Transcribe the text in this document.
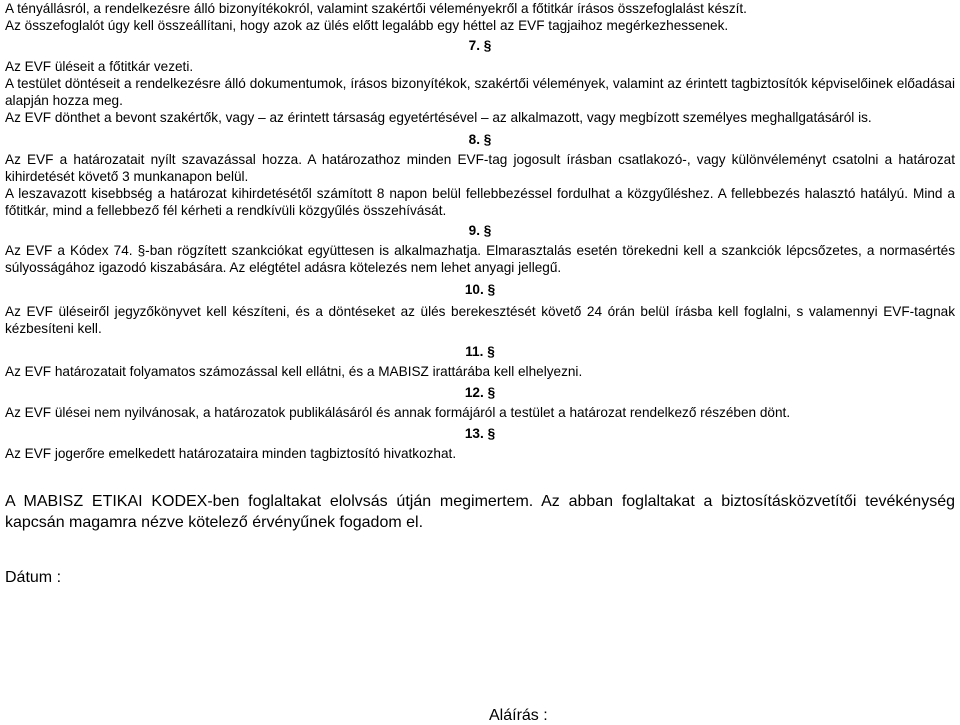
A tényállásról, a rendelkezésre álló bizonyítékokról, valamint szakértői véleményekről a főtitkár írásos összefoglalást készít.

Az összefoglalót úgy kell összeállítani, hogy azok az ülés előtt legalább egy héttel az EVF tagjaihoz megérkezhessenek.

7. §

Az EVF üléseit a főtitkár vezeti.

A testület döntéseit a rendelkezésre álló dokumentumok, írásos bizonyítékok, szakértői vélemények, valamint az érintett tagbiztosítók képviselőinek előadásai alapján hozza meg.

Az EVF dönthet a bevont szakértők, vagy – az érintett társaság egyetértésével – az alkalmazott, vagy megbízott személyes meghallgatásáról is.

8. §

Az EVF a határozatait nyílt szavazással hozza. A határozathoz minden EVF-tag jogosult írásban csatlakozó-, vagy különvéleményt csatolni a határozat kihirdetését követő 3 munkanapon belül.

A leszavazott kisebbség a határozat kihirdetésétől számított 8 napon belül fellebbezéssel fordulhat a közgyűléshez. A fellebbezés halasztó hatályú. Mind a főtitkár, mind a fellebbező fél kérheti a rendkívüli közgyűlés összehívását.

9. §

Az EVF a Kódex 74. §-ban rögzített szankciókat együttesen is alkalmazhatja. Elmarasztalás esetén törekedni kell a szankciók lépcsőzetes, a normasértés súlyosságához igazodó kiszabására. Az elégtétel adásra kötelezés nem lehet anyagi jellegű.

10. §

Az EVF üléseiről jegyzőkönyvet kell készíteni, és a döntéseket az ülés berekesztését követő 24 órán belül írásba kell foglalni, s valamennyi EVF-tagnak kézbesíteni kell.

11. §

Az EVF határozatait folyamatos számozással kell ellátni, és a MABISZ irattárába kell elhelyezni.

12. §

Az EVF ülései nem nyilvánosak, a határozatok publikálásáról és annak formájáról a testület a határozat rendelkező részében dönt.

13. §

Az EVF jogerőre emelkedett határozataira minden tagbiztosító hivatkozhat.

A MABISZ ETIKAI KODEX-ben foglaltakat elolvsás útján megimertem. Az abban foglaltakat a biztosításközvetítői tevékénység kapcsán magamra nézve kötelező érvényűnek fogadom el.

Dátum :

Aláírás :
